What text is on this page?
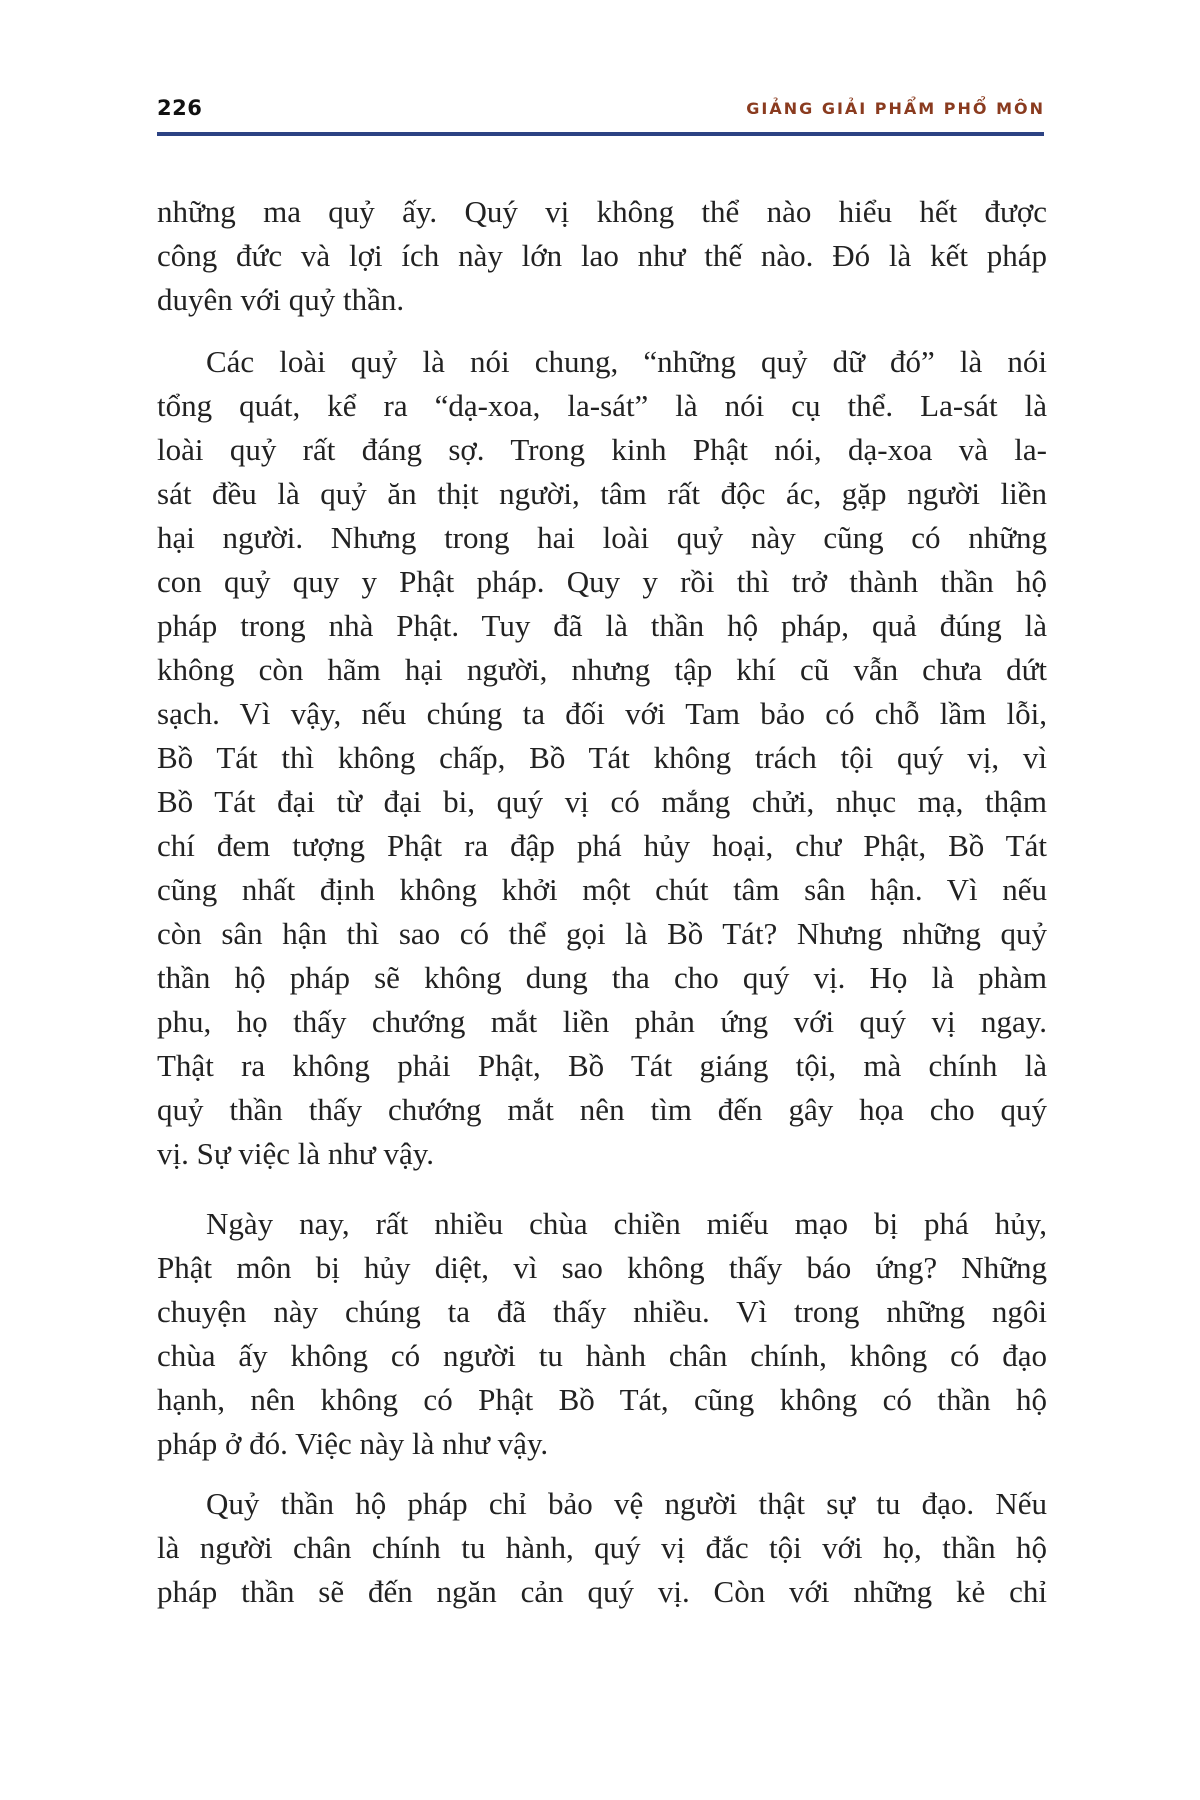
226	GIẢNG GIẢI PHẨM PHỔ MÔN
những ma quỷ ấy. Quý vị không thể nào hiểu hết được
công đức và lợi ích này lớn lao như thế nào. Đó là kết pháp
duyên với quỷ thần.
Các loài quỷ là nói chung, “những quỷ dữ đó” là nói
tổng quát, kể ra “dạ-xoa, la-sát” là nói cụ thể. La-sát là
loài quỷ rất đáng sợ. Trong kinh Phật nói, dạ-xoa và la-
sát đều là quỷ ăn thịt người, tâm rất độc ác, gặp người liền
hại người. Nhưng trong hai loài quỷ này cũng có những
con quỷ quy y Phật pháp. Quy y rồi thì trở thành thần hộ
pháp trong nhà Phật. Tuy đã là thần hộ pháp, quả đúng là
không còn hãm hại người, nhưng tập khí cũ vẫn chưa dứt
sạch. Vì vậy, nếu chúng ta đối với Tam bảo có chỗ lầm lỗi,
Bồ Tát thì không chấp, Bồ Tát không trách tội quý vị, vì
Bồ Tát đại từ đại bi, quý vị có mắng chửi, nhục mạ, thậm
chí đem tượng Phật ra đập phá hủy hoại, chư Phật, Bồ Tát
cũng nhất định không khởi một chút tâm sân hận. Vì nếu
còn sân hận thì sao có thể gọi là Bồ Tát? Nhưng những quỷ
thần hộ pháp sẽ không dung tha cho quý vị. Họ là phàm
phu, họ thấy chướng mắt liền phản ứng với quý vị ngay.
Thật ra không phải Phật, Bồ Tát giáng tội, mà chính là
quỷ thần thấy chướng mắt nên tìm đến gây họa cho quý
vị. Sự việc là như vậy.
Ngày nay, rất nhiều chùa chiền miếu mạo bị phá hủy,
Phật môn bị hủy diệt, vì sao không thấy báo ứng? Những
chuyện này chúng ta đã thấy nhiều. Vì trong những ngôi
chùa ấy không có người tu hành chân chính, không có đạo
hạnh, nên không có Phật Bồ Tát, cũng không có thần hộ
pháp ở đó. Việc này là như vậy.
Quỷ thần hộ pháp chỉ bảo vệ người thật sự tu đạo. Nếu
là người chân chính tu hành, quý vị đắc tội với họ, thần hộ
pháp thần sẽ đến ngăn cản quý vị. Còn với những kẻ chỉ
